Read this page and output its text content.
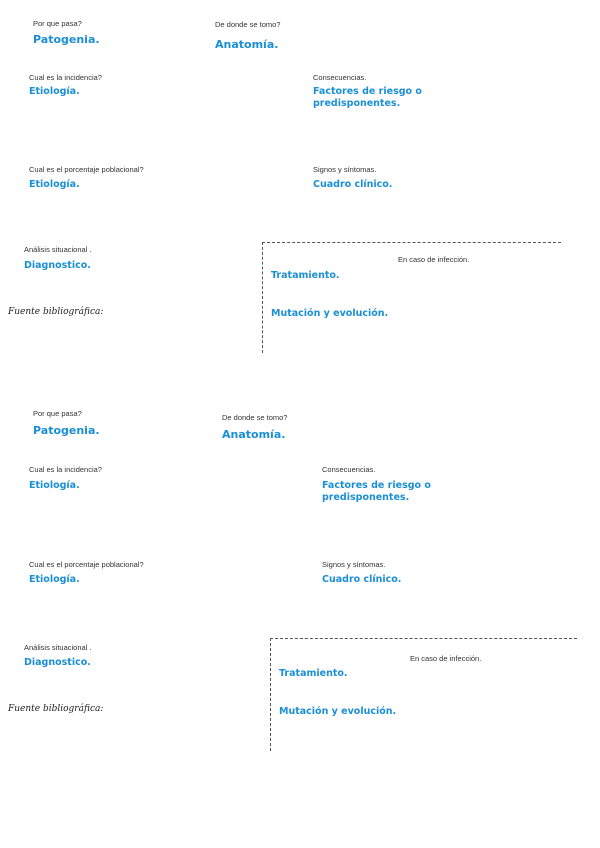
Por que pasa?
Patogenia.
De donde se tomo?
Anatomía.
Cual es la incidencia?
Etiología.
Consecuencias.
Factores de riesgo o
predisponentes.
Cual es el porcentaje poblacional?
Etiología.
Signos y síntomas.
Cuadro clínico.
Análisis situacional .
Diagnostico.
Fuente bibliográfica:
En caso de infección.
Tratamiento.
Mutación y evolución.
Por que pasa?
Patogenia.
De donde se tomo?
Anatomía.
Cual es la incidencia?
Etiología.
Consecuencias.
Factores de riesgo o
predisponentes.
Cual es el porcentaje poblacional?
Etiología.
Signos y síntomas.
Cuadro clínico.
Análisis situacional .
Diagnostico.
Fuente bibliográfica:
En caso de infección.
Tratamiento.
Mutación y evolución.
